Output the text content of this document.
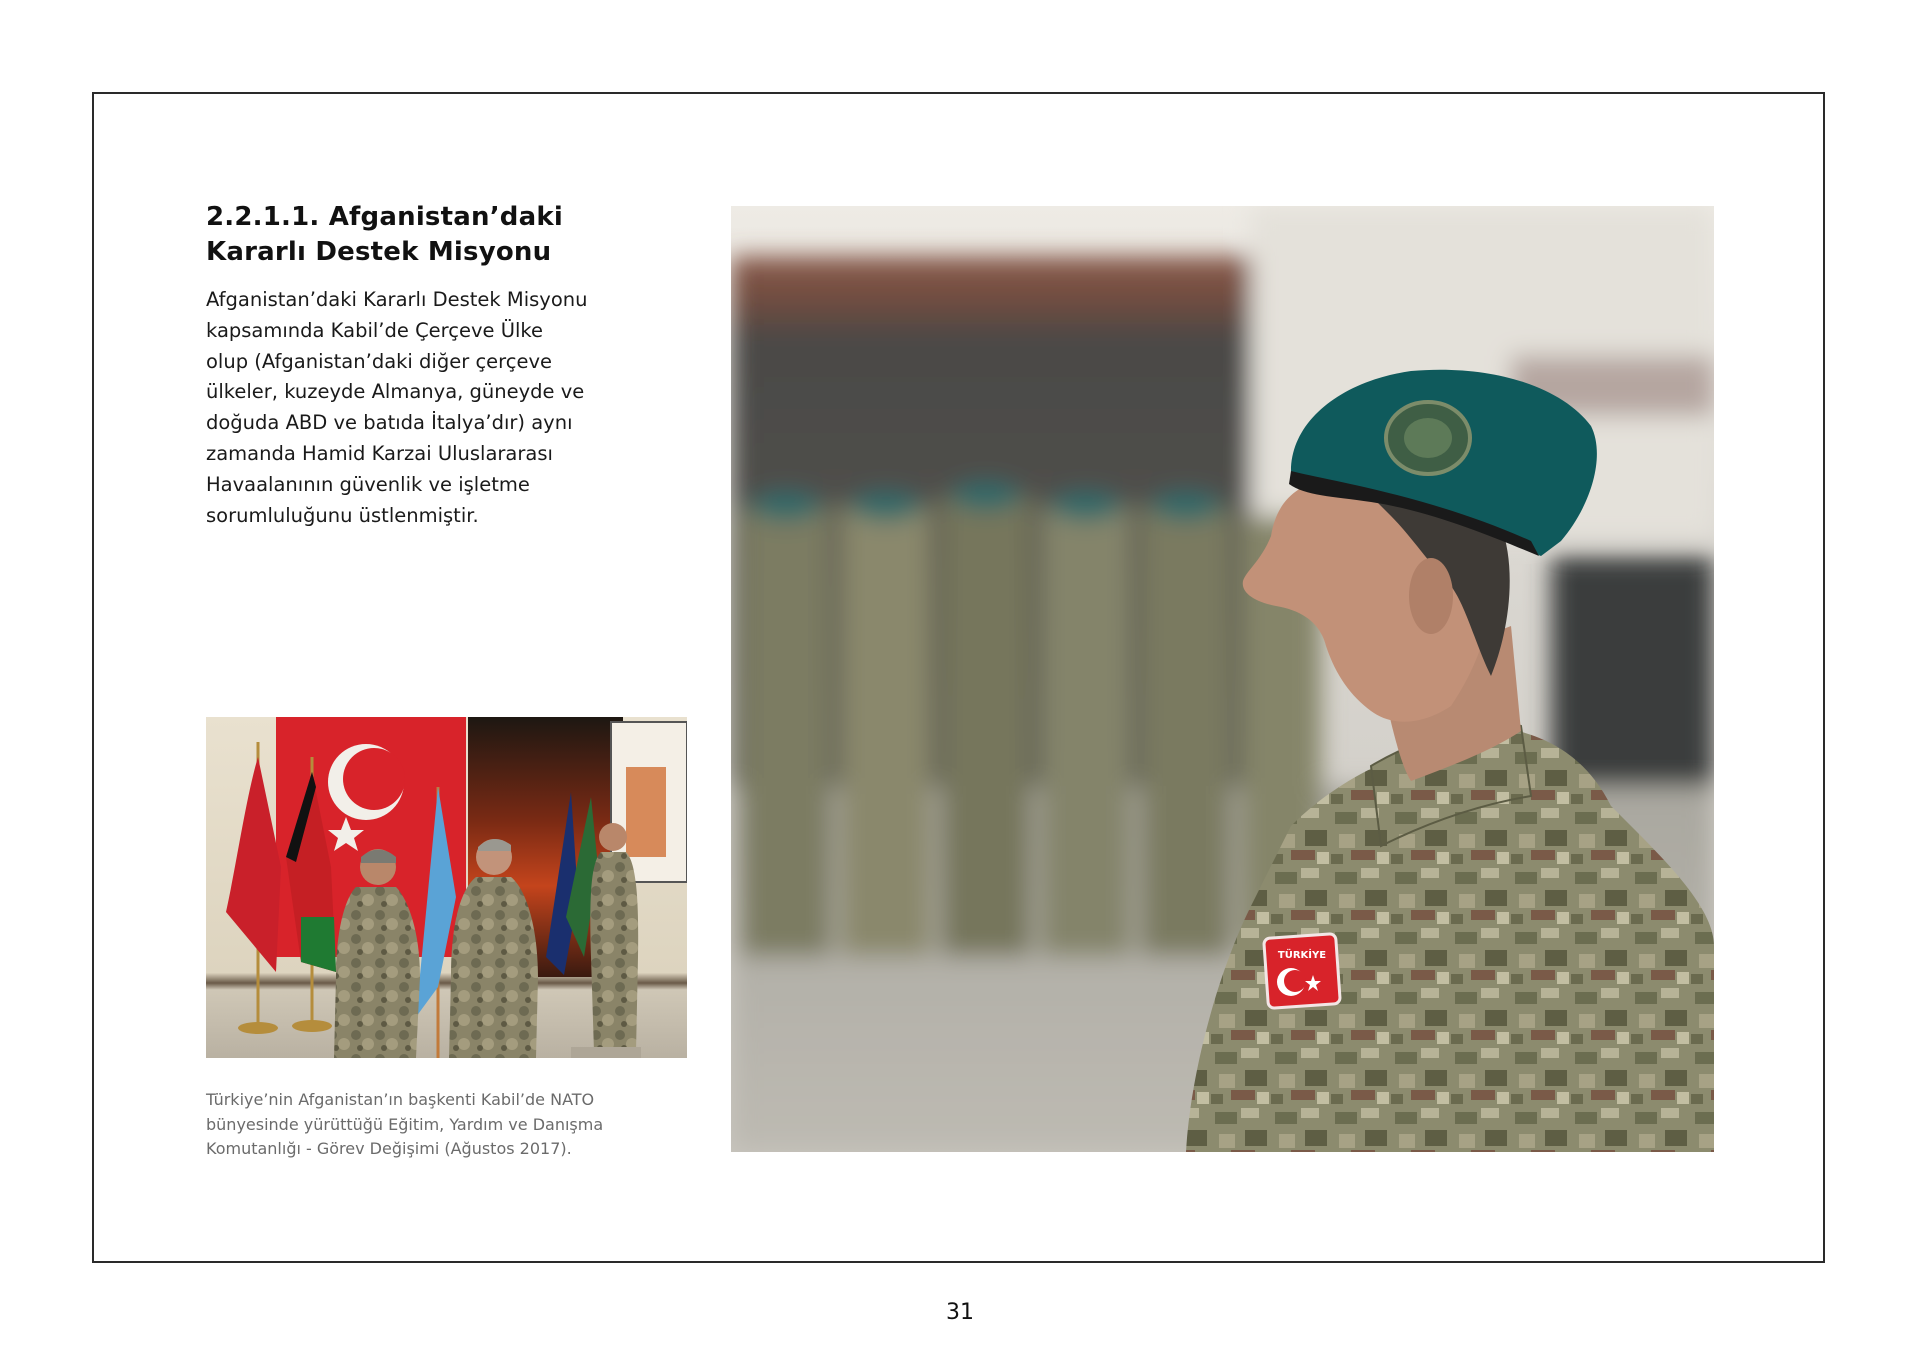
2.2.1.1. Afganistan’daki
Kararlı Destek Misyonu

Afganistan’daki Kararlı Destek Misyonu
kapsamında Kabil’de Çerçeve Ülke
olup (Afganistan’daki diğer çerçeve
ülkeler, kuzeyde Almanya, güneyde ve
doğuda ABD ve batıda İtalya’dır) aynı
zamanda Hamid Karzai Uluslararası
Havaalanının güvenlik ve işletme
sorumluluğunu üstlenmiştir.

Türkiye’nin Afganistan’ın başkenti Kabil’de NATO
bünyesinde yürüttüğü Eğitim, Yardım ve Danışma
Komutanlığı - Görev Değişimi (Ağustos 2017).

TÜRKİYE
31
